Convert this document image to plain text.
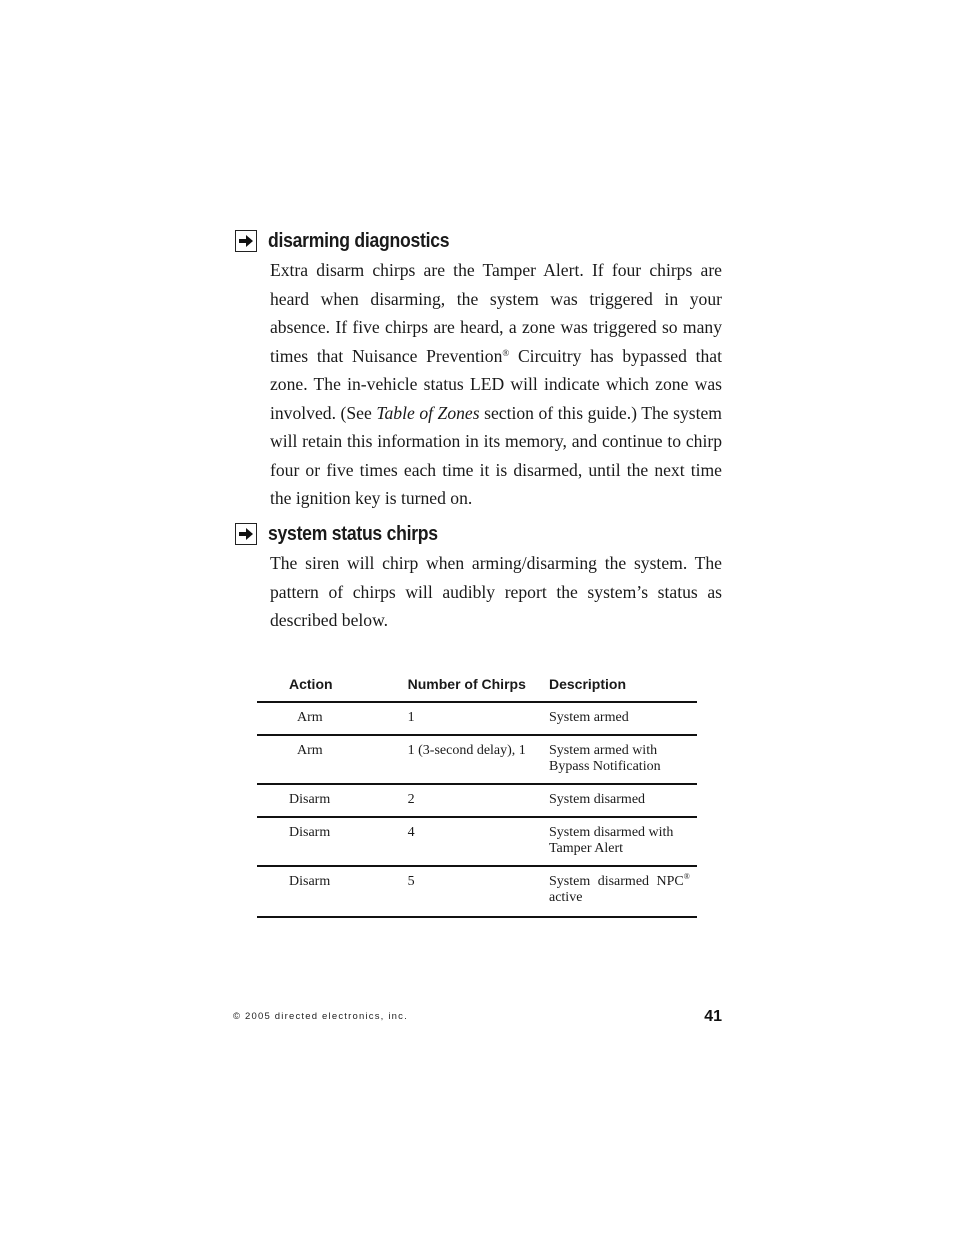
disarming diagnostics

Extra disarm chirps are the Tamper Alert. If four chirps are heard when disarming, the system was triggered in your absence. If five chirps are heard, a zone was triggered so many times that Nuisance Prevention® Circuitry has bypassed that zone. The in-vehicle status LED will indicate which zone was involved. (See Table of Zones section of this guide.) The system will retain this information in its memory, and continue to chirp four or five times each time it is disarmed, until the next time the ignition key is turned on.

system status chirps

The siren will chirp when arming/disarming the system. The pattern of chirps will audibly report the system’s status as described below.

Action	Number of Chirps	Description
Arm	1	System armed

Arm	1 (3-second delay), 1	System armed with Bypass Notification

Disarm	2	System disarmed

Disarm	4	System disarmed with Tamper Alert

Disarm	5	System disarmed NPC®
active
© 2005 directed electronics, inc.	41
